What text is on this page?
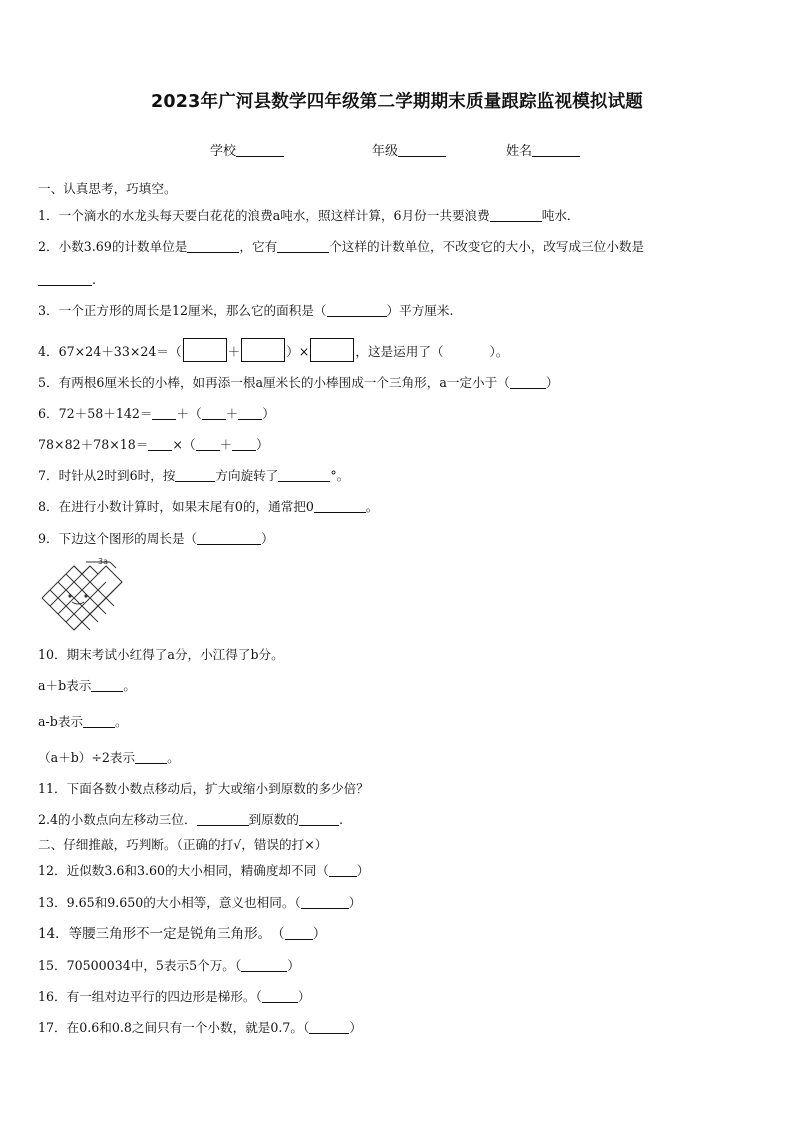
2023年广河县数学四年级第二学期期末质量跟踪监视模拟试题
学校	年级	姓名
一、认真思考，巧填空。
1．一个滴水的水龙头每天要白花花的浪费a吨水，照这样计算，6月份一共要浪费	吨水．
2．小数3.69的计数单位是	，它有	个这样的计数单位，不改变它的大小，改写成三位小数是
.
3．一个正方形的周长是12厘米，那么它的面积是（	）平方厘米.
4．67×24＋33×24＝（	＋	）×	，这是运用了（	）。
5．有两根6厘米长的小棒，如再添一根a厘米长的小棒围成一个三角形，a一定小于（	）
6．72＋58＋142＝ ＋（ ＋ ）
78×82＋78×18＝ ×（ ＋ ）
7．时针从2时到6时，按	方向旋转了	°。
8．在进行小数计算时，如果末尾有0的，通常把0	。
9．下边这个图形的周长是（	）
3a
10．期末考试小红得了a分，小江得了b分。
a＋b表示	。
a-b表示	。
（a＋b）÷2表示	。
11．下面各数小数点移动后，扩大或缩小到原数的多少倍？
2.4的小数点向左移动三位．	到原数的	.
二、仔细推敲，巧判断。（正确的打√，错误的打×）
12．近似数3.6和3.60的大小相同，精确度却不同（ ）
13．9.65和9.650的大小相等，意义也相同。（	）
14．等腰三角形不一定是锐角三角形。　（ ）
15．70500034中，5表示5个万。（	）
16．有一组对边平行的四边形是梯形。（	）
17．在0.6和0.8之间只有一个小数，就是0.7。（	）
